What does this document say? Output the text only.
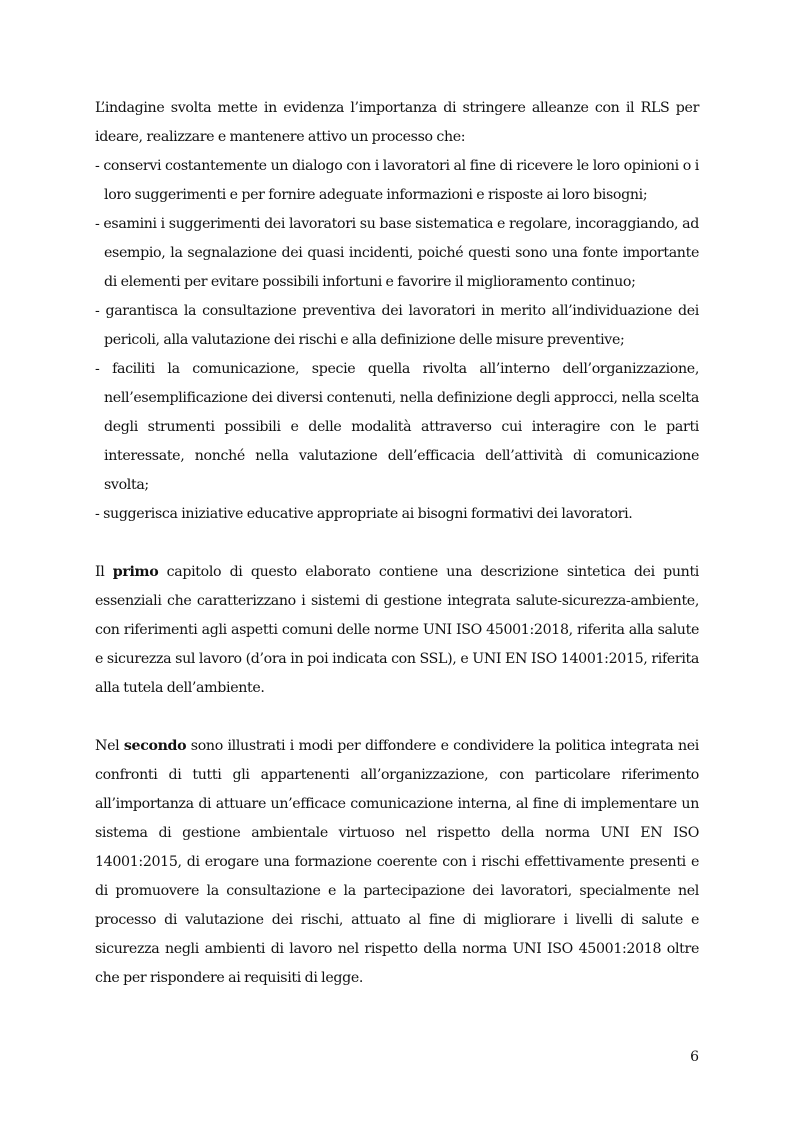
L’indagine svolta mette in evidenza l’importanza di stringere alleanze con il RLS per ideare, realizzare e mantenere attivo un processo che:

- conservi costantemente un dialogo con i lavoratori al fine di ricevere le loro opinioni o i loro suggerimenti e per fornire adeguate informazioni e risposte ai loro bisogni;
- esamini i suggerimenti dei lavoratori su base sistematica e regolare, incoraggiando, ad esempio, la segnalazione dei quasi incidenti, poiché questi sono una fonte importante di elementi per evitare possibili infortuni e favorire il miglioramento continuo;
- garantisca la consultazione preventiva dei lavoratori in merito all’individuazione dei pericoli, alla valutazione dei rischi e alla definizione delle misure preventive;
- faciliti la comunicazione, specie quella rivolta all’interno dell’organizzazione, nell’esemplificazione dei diversi contenuti, nella definizione degli approcci, nella scelta degli strumenti possibili e delle modalità attraverso cui interagire con le parti interessate, nonché nella valutazione dell’efficacia dell’attività di comunicazione svolta;
- suggerisca iniziative educative appropriate ai bisogni formativi dei lavoratori.

Il primo capitolo di questo elaborato contiene una descrizione sintetica dei punti essenziali che caratterizzano i sistemi di gestione integrata salute-sicurezza-ambiente, con riferimenti agli aspetti comuni delle norme UNI ISO 45001:2018, riferita alla salute e sicurezza sul lavoro (d’ora in poi indicata con SSL), e UNI EN ISO 14001:2015, riferita alla tutela dell’ambiente.

Nel secondo sono illustrati i modi per diffondere e condividere la politica integrata nei confronti di tutti gli appartenenti all’organizzazione, con particolare riferimento all’importanza di attuare un’efficace comunicazione interna, al fine di implementare un sistema di gestione ambientale virtuoso nel rispetto della norma UNI EN ISO 14001:2015, di erogare una formazione coerente con i rischi effettivamente presenti e di promuovere la consultazione e la partecipazione dei lavoratori, specialmente nel processo di valutazione dei rischi, attuato al fine di migliorare i livelli di salute e sicurezza negli ambienti di lavoro nel rispetto della norma UNI ISO 45001:2018 oltre che per rispondere ai requisiti di legge.

6
